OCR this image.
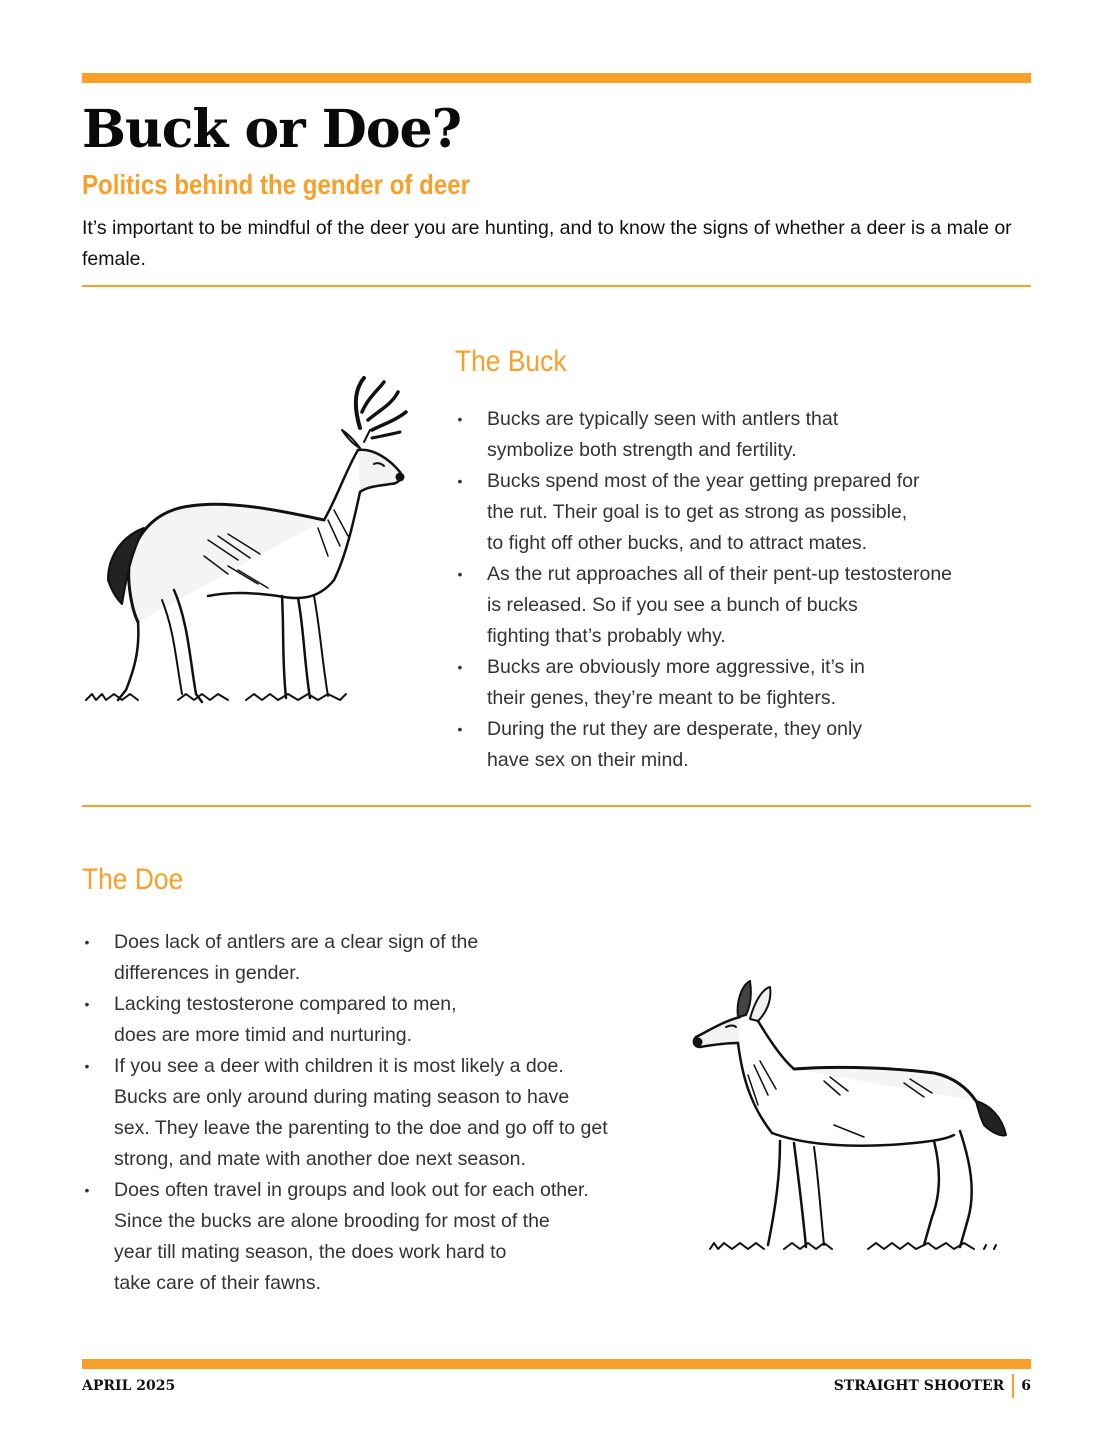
Buck or Doe?
Politics behind the gender of deer

It’s important to be mindful of the deer you are hunting, and to know the signs of whether a deer is a male or female.

The Buck
• Bucks are typically seen with antlers that
symbolize both strength and fertility.
• Bucks spend most of the year getting prepared for
the rut. Their goal is to get as strong as possible,
to fight off other bucks, and to attract mates.
• As the rut approaches all of their pent-up testosterone
is released. So if you see a bunch of bucks
fighting that’s probably why.
• Bucks are obviously more aggressive, it’s in
their genes, they’re meant to be fighters.
• During the rut they are desperate, they only
have sex on their mind.
The Doe
• Does lack of antlers are a clear sign of the
differences in gender.
• Lacking testosterone compared to men,
does are more timid and nurturing.
• If you see a deer with children it is most likely a doe.
Bucks are only around during mating season to have
sex. They leave the parenting to the doe and go off to get
strong, and mate with another doe next season.
• Does often travel in groups and look out for each other.
Since the bucks are alone brooding for most of the
year till mating season, the does work hard to
take care of their fawns.
APRIL 2025	STRAIGHT SHOOTER 6
